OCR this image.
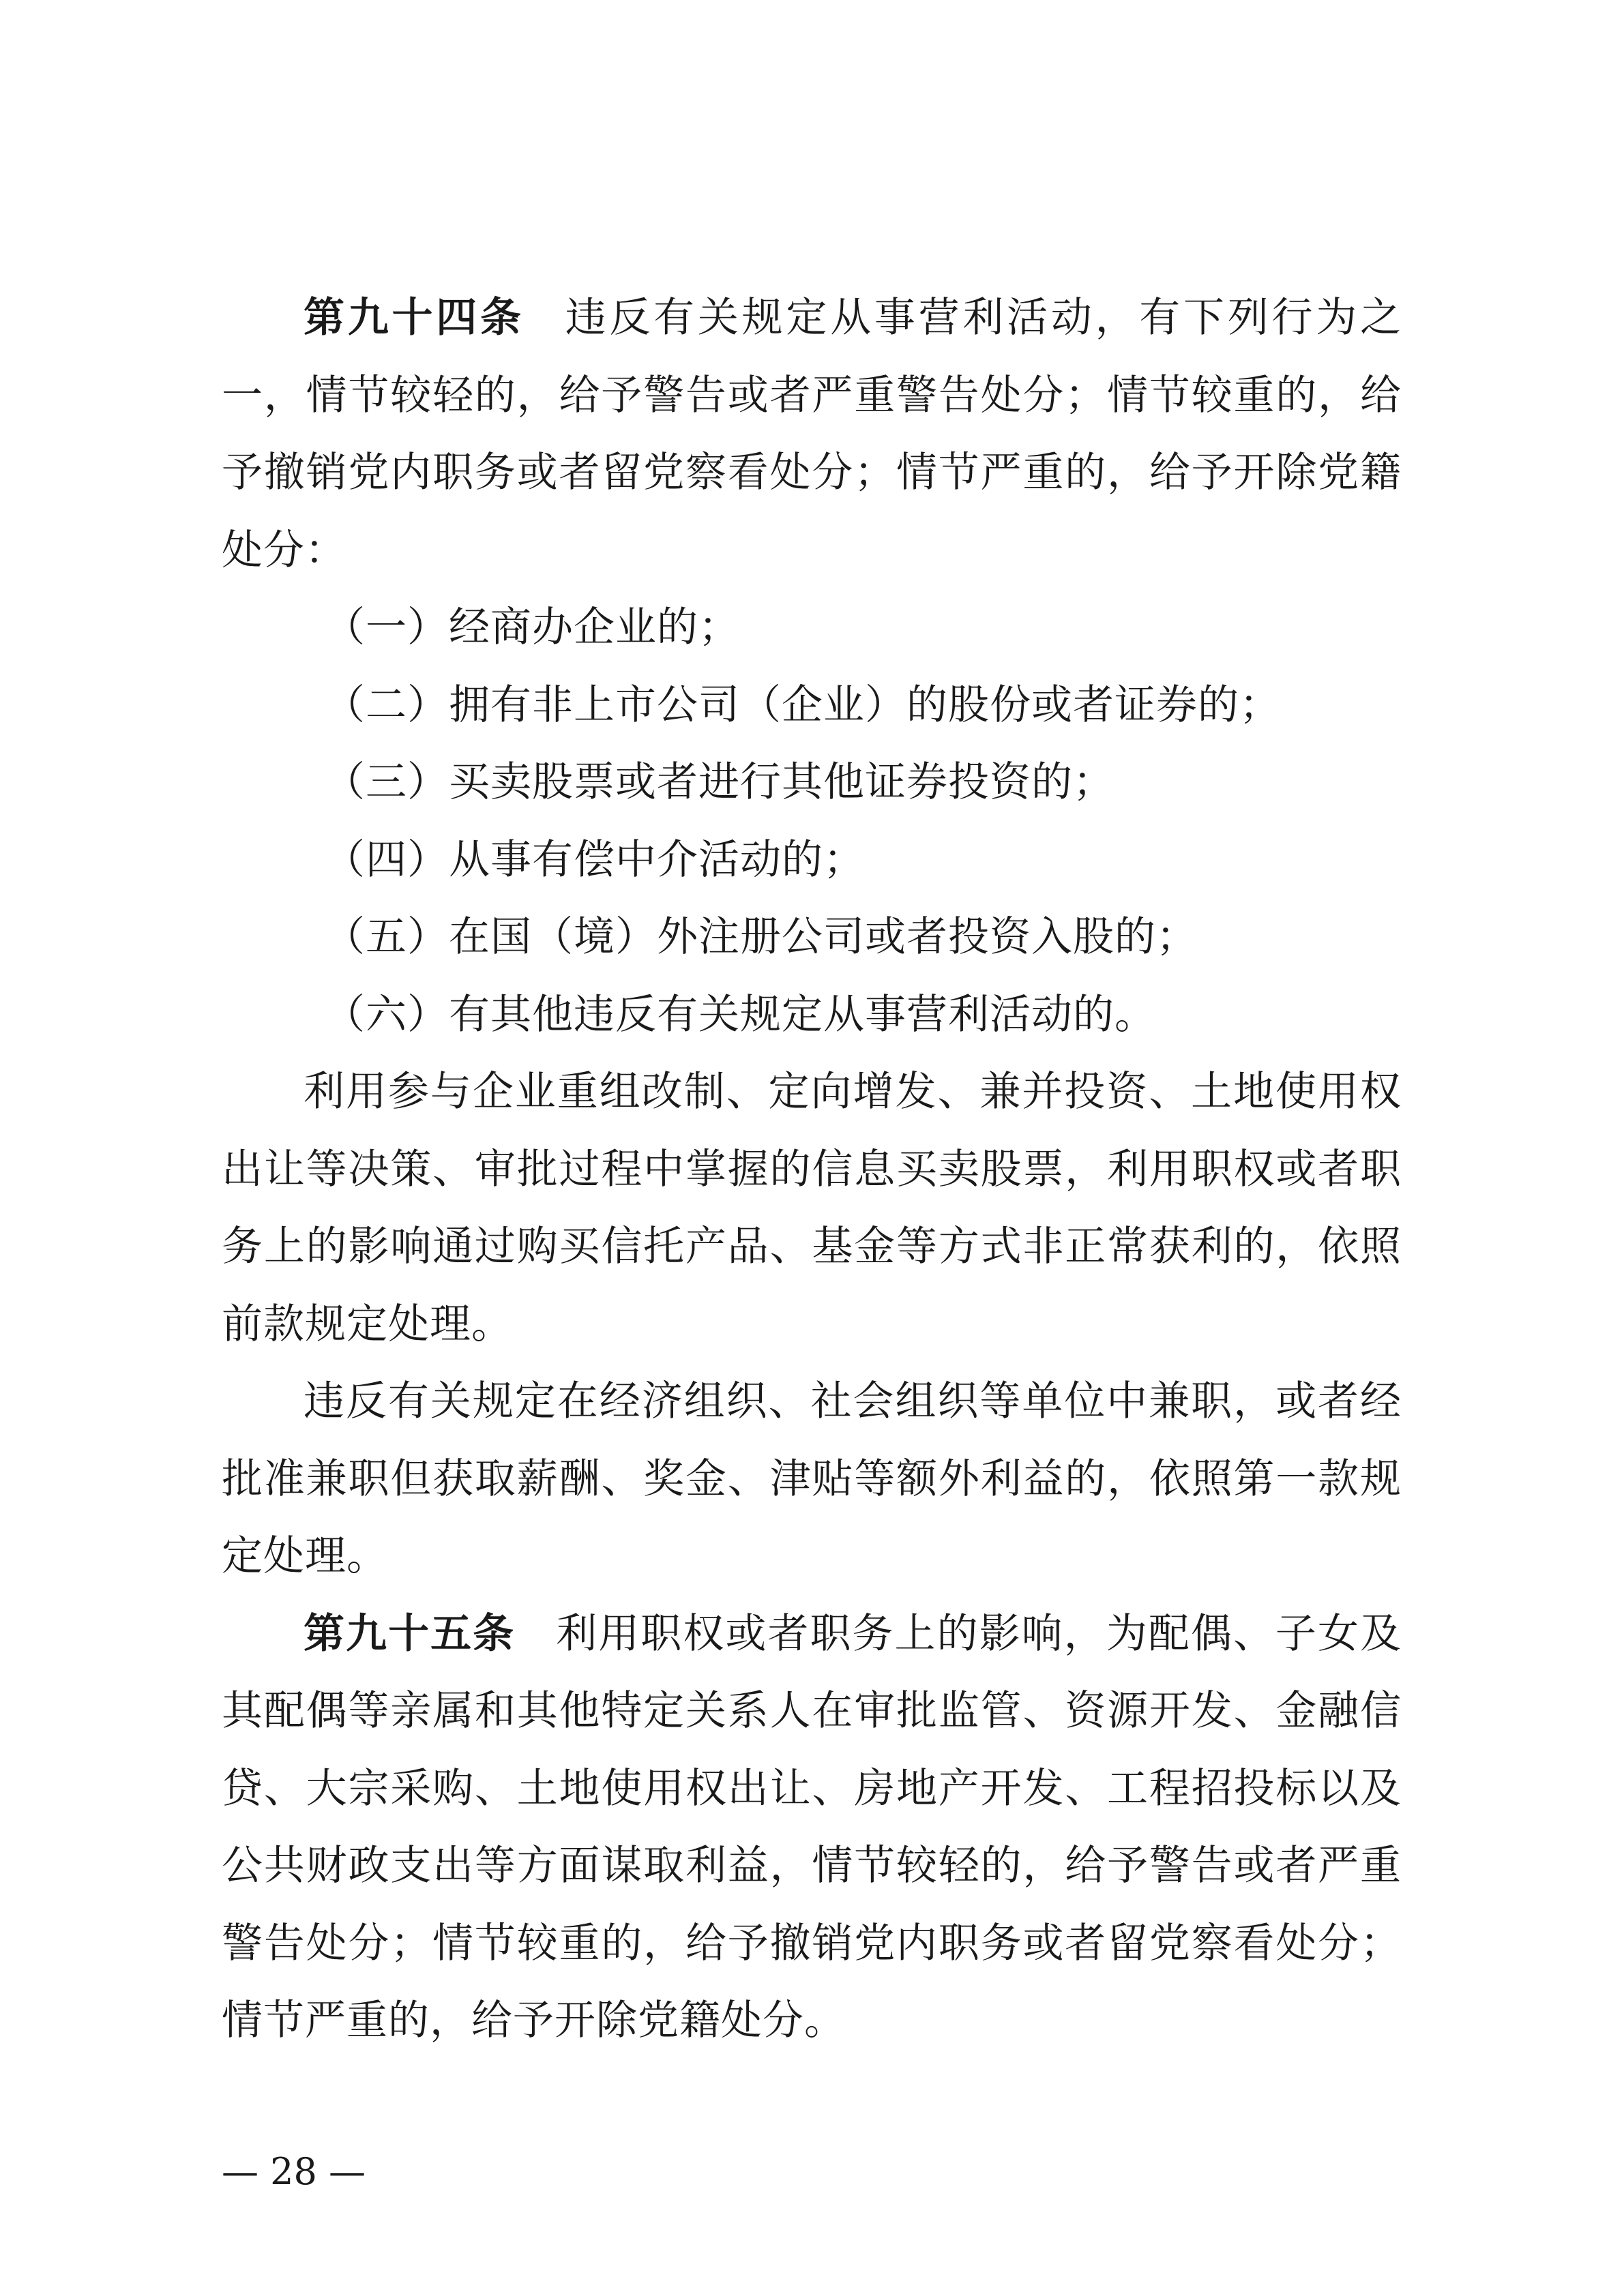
第九十四条 违反有关规定从事营利活动，有下列行为之一，情节较轻的，给予警告或者严重警告处分；情节较重的，给予撤销党内职务或者留党察看处分；情节严重的，给予开除党籍处分：

（一）经商办企业的；

（二）拥有非上市公司（企业）的股份或者证券的；

（三）买卖股票或者进行其他证券投资的；

（四）从事有偿中介活动的；

（五）在国（境）外注册公司或者投资入股的；

（六）有其他违反有关规定从事营利活动的。

利用参与企业重组改制、定向增发、兼并投资、土地使用权出让等决策、审批过程中掌握的信息买卖股票，利用职权或者职务上的影响通过购买信托产品、基金等方式非正常获利的，依照前款规定处理。

违反有关规定在经济组织、社会组织等单位中兼职，或者经批准兼职但获取薪酬、奖金、津贴等额外利益的，依照第一款规定处理。

第九十五条 利用职权或者职务上的影响，为配偶、子女及其配偶等亲属和其他特定关系人在审批监管、资源开发、金融信贷、大宗采购、土地使用权出让、房地产开发、工程招投标以及公共财政支出等方面谋取利益，情节较轻的，给予警告或者严重警告处分；情节较重的，给予撤销党内职务或者留党察看处分；情节严重的，给予开除党籍处分。

— 28 —
